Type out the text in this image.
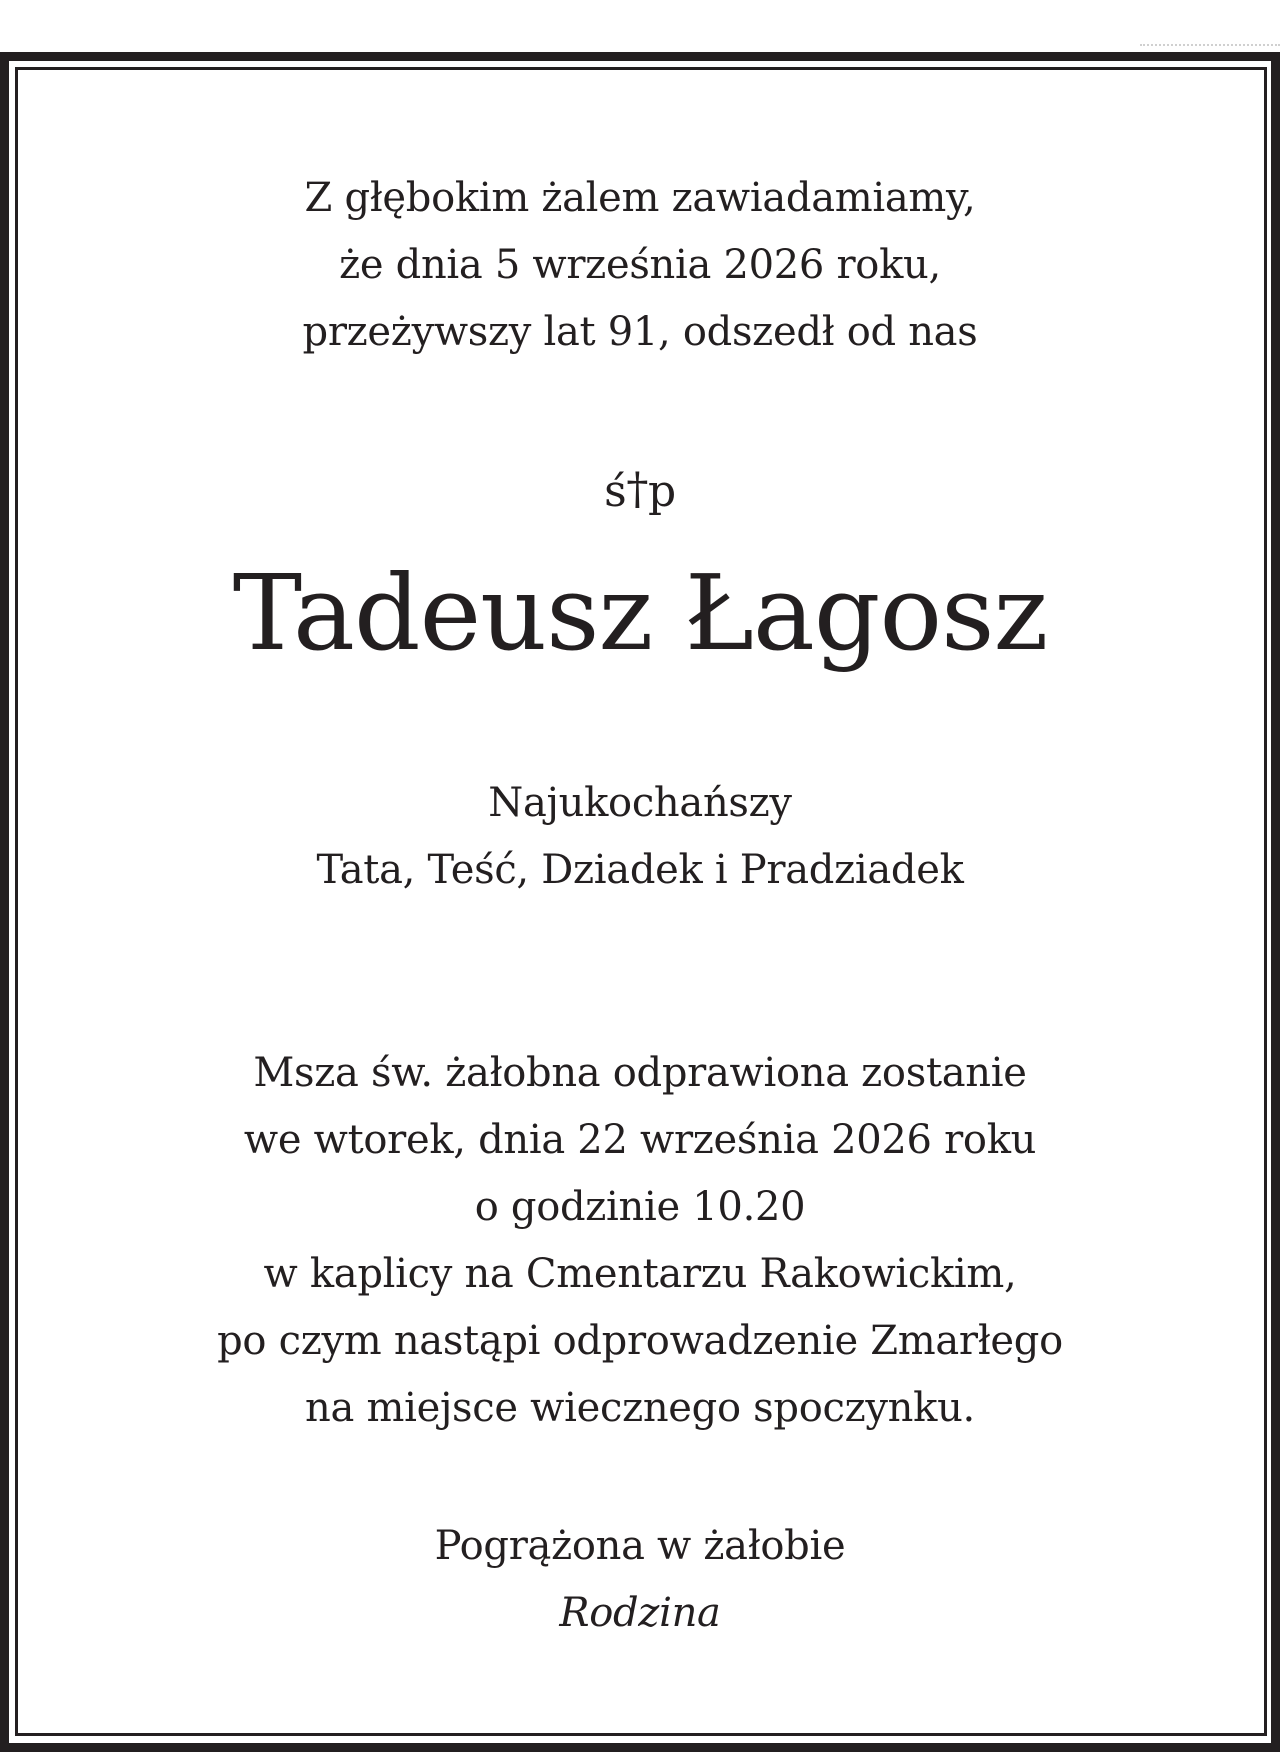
Z głębokim żalem zawiadamiamy,
że dnia 5 września 2026 roku,
przeżywszy lat 91, odszedł od nas
ś†p
Tadeusz Łagosz
Najukochańszy
Tata, Teść, Dziadek i Pradziadek
Msza św. żałobna odprawiona zostanie
we wtorek, dnia 22 września 2026 roku
o godzinie 10.20
w kaplicy na Cmentarzu Rakowickim,
po czym nastąpi odprowadzenie Zmarłego
na miejsce wiecznego spoczynku.
Pogrążona w żałobie
Rodzina
